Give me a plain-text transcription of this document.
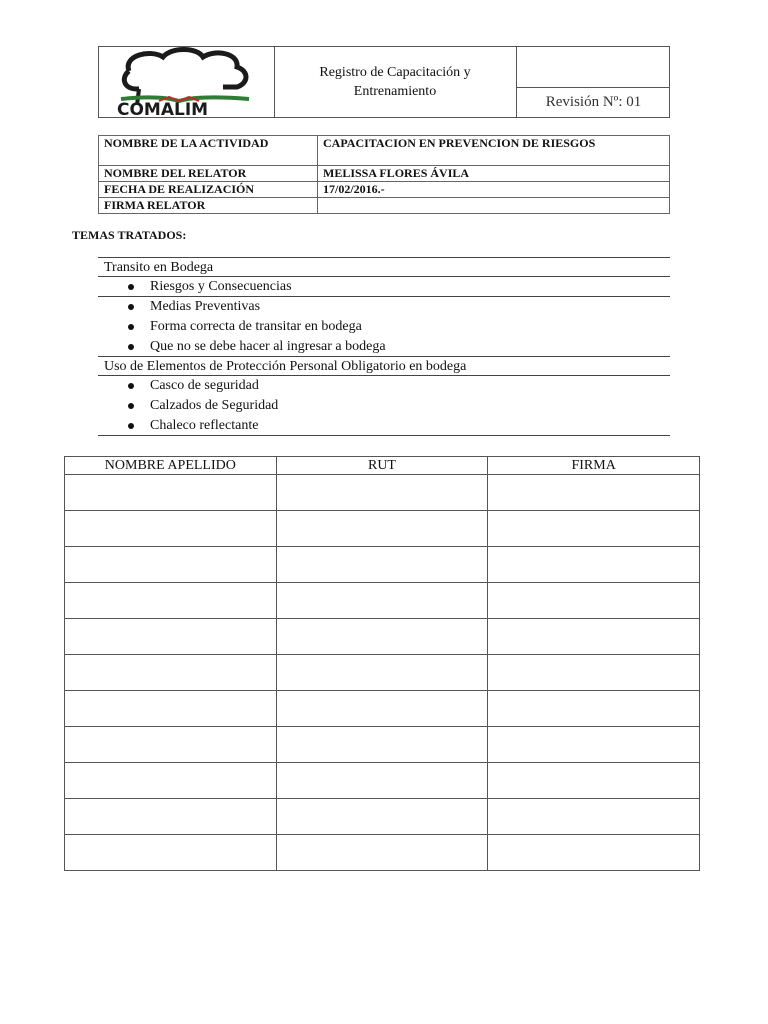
COMALIM
Registro de Capacitación y
Entrenamiento
Revisión Nº: 01
NOMBRE DE LA ACTIVIDAD	CAPACITACION EN PREVENCION DE RIESGOS
NOMBRE DEL RELATOR	MELISSA FLORES ÁVILA
FECHA DE REALIZACIÓN	17/02/2016.-
FIRMA RELATOR	
TEMAS TRATADOS:
Transito en Bodega
Riesgos y Consecuencias
Medias Preventivas
Forma correcta de transitar en bodega
Que no se debe hacer al ingresar a bodega
Uso de Elementos de Protección Personal Obligatorio en bodega
Casco de seguridad
Calzados de Seguridad
Chaleco reflectante
NOMBRE APELLIDO	RUT	FIRMA
